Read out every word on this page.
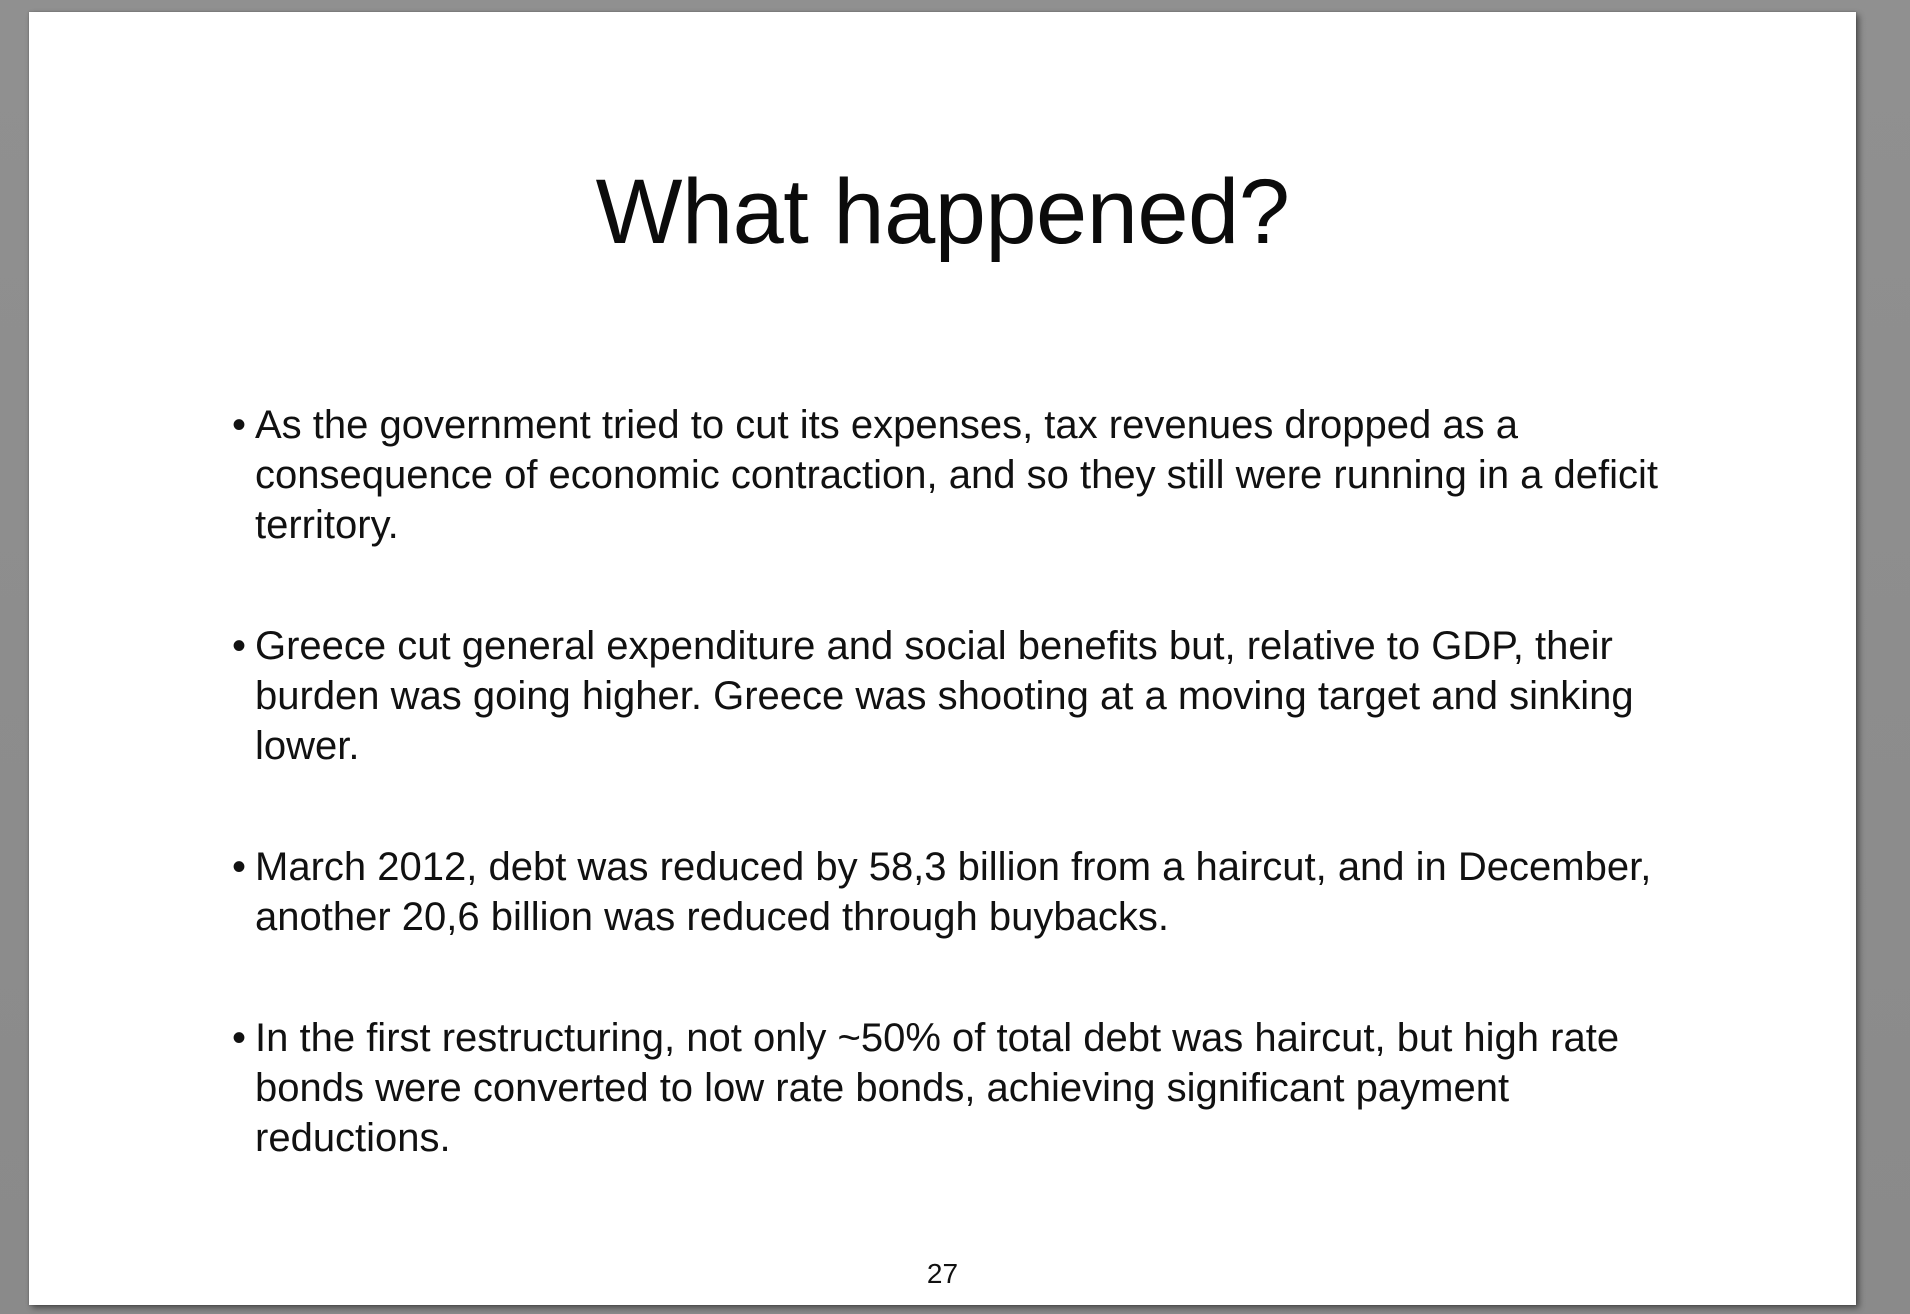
What happened?
• As the government tried to cut its expenses, tax revenues dropped as a consequence of economic contraction, and so they still were running in a deficit territory.
• Greece cut general expenditure and social benefits but, relative to GDP, their burden was going higher. Greece was shooting at a moving target and sinking lower.
• March 2012, debt was reduced by 58,3 billion from a haircut, and in December, another 20,6 billion was reduced through buybacks.
• In the first restructuring, not only ~50% of total debt was haircut, but high rate bonds were converted to low rate bonds, achieving significant payment reductions.
27
